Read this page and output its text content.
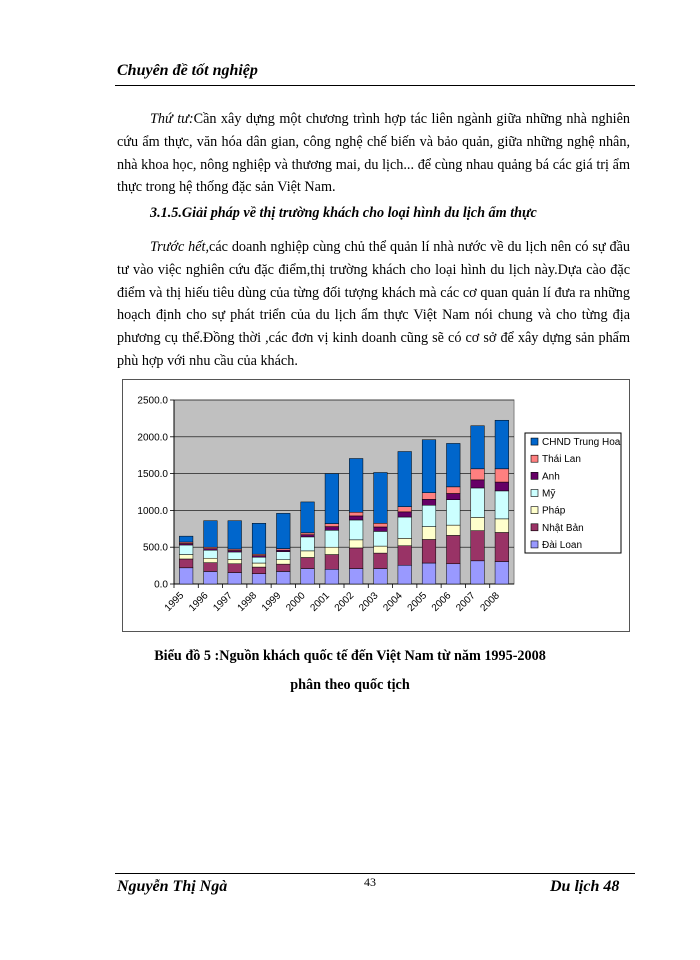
Chuyên đề tốt nghiệp
Thứ tư:Cần xây dựng một chương trình hợp tác liên ngành giữa những nhà nghiên cứu ẩm thực, văn hóa dân gian, công nghệ chế biến và bảo quản, giữa những nghệ nhân, nhà khoa học, nông nghiệp và thương mai, du lịch... để cùng nhau quảng bá các giá trị ẩm thực trong hệ thống đặc sản Việt Nam.
3.1.5.Giải pháp về thị trường khách cho loại hình du lịch ẩm thực
Trước hết,các doanh nghiệp cùng chủ thể quản lí nhà nước về du lịch nên có sự đầu tư vào việc nghiên cứu đặc điểm,thị trường khách cho loại hình du lịch này.Dựa cào đặc điểm và thị hiếu tiêu dùng của từng đối tượng khách mà các cơ quan quản lí đưa ra những hoạch định cho sự phát triển của du lịch ẩm thực Việt Nam nói chung và cho từng địa phương cụ thể.Đồng thời ,các đơn vị kinh doanh cũng sẽ có cơ sở để xây dựng sản phẩm phù hợp với nhu cầu của khách.
2500.0
2000.0
1500.0
1000.0
500.0
0.0
1995 1996 1997 1998 1999 2000 2001 2002 2003 2004 2005 2006 2007 2008
CHND Trung Hoa
Thái Lan
Anh
Mỹ
Pháp
Nhật Bản
Đài Loan
Biểu đồ 5 :Nguồn khách quốc tế đến Việt Nam từ năm 1995-2008
phân theo quốc tịch
Nguyễn Thị Ngà	43	Du lịch 48
